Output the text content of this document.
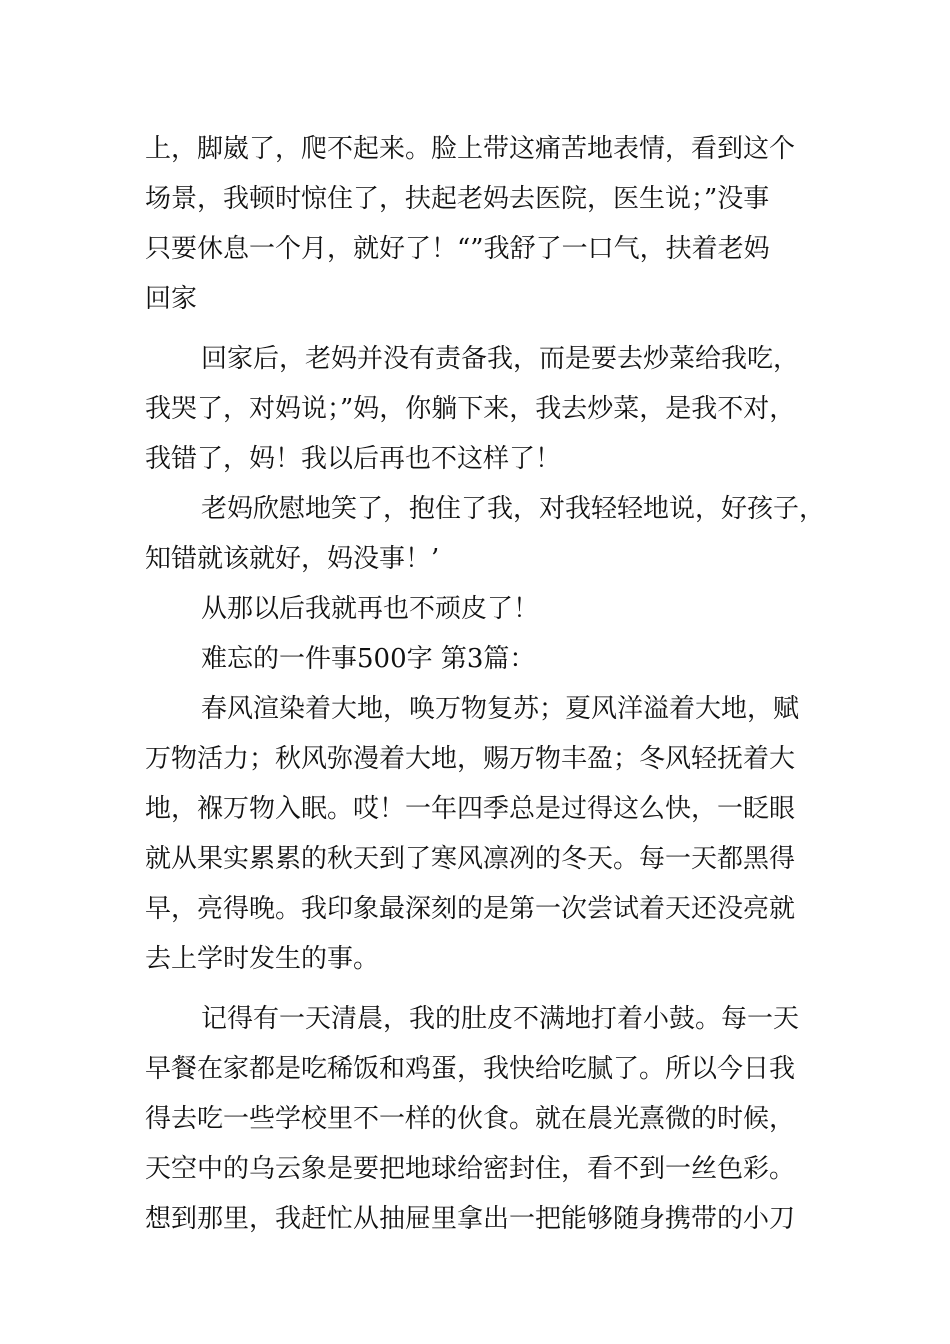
上，脚崴了，爬不起来。脸上带这痛苦地表情，看到这个
场景，我顿时惊住了，扶起老妈去医院，医生说；”没事
只要休息一个月，就好了！“”我舒了一口气，扶着老妈
回家
回家后，老妈并没有责备我，而是要去炒菜给我吃，
我哭了，对妈说；”妈，你躺下来，我去炒菜，是我不对，
我错了，妈！我以后再也不这样了！
老妈欣慰地笑了，抱住了我，对我轻轻地说，好孩子，
知错就该就好，妈没事！’
从那以后我就再也不顽皮了！
难忘的一件事500字 第3篇：
春风渲染着大地，唤万物复苏；夏风洋溢着大地，赋
万物活力；秋风弥漫着大地，赐万物丰盈；冬风轻抚着大
地，褓万物入眠。哎！一年四季总是过得这么快，一眨眼
就从果实累累的秋天到了寒风凛冽的冬天。每一天都黑得
早，亮得晚。我印象最深刻的是第一次尝试着天还没亮就
去上学时发生的事。
记得有一天清晨，我的肚皮不满地打着小鼓。每一天
早餐在家都是吃稀饭和鸡蛋，我快给吃腻了。所以今日我
得去吃一些学校里不一样的伙食。就在晨光熹微的时候，
天空中的乌云象是要把地球给密封住，看不到一丝色彩。
想到那里，我赶忙从抽屉里拿出一把能够随身携带的小刀
